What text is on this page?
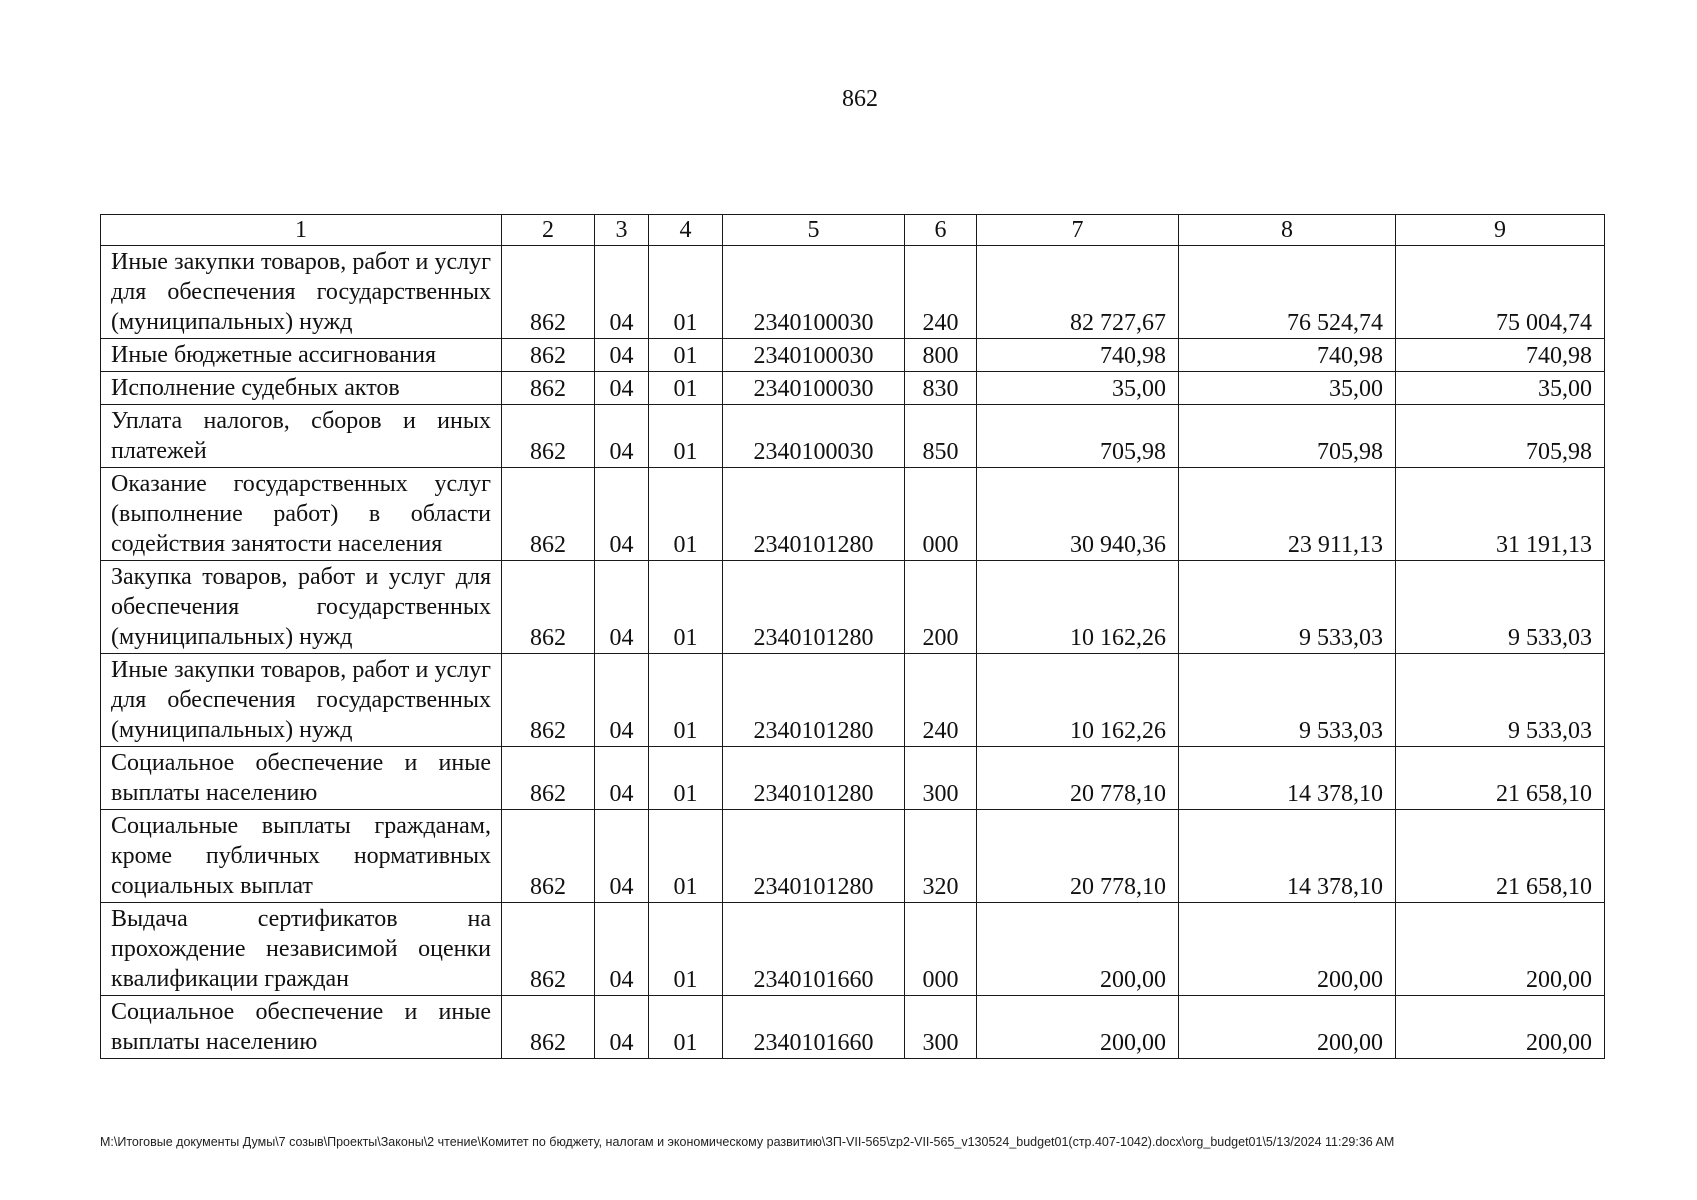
862
1	2	3	4	5	6	7	8	9
Иные закупки товаров, работ и услуг для обеспечения государственных (муниципальных) нужд	862	04	01	2340100030	240	82 727,67	76 524,74	75 004,74
Иные бюджетные ассигнования	862	04	01	2340100030	800	740,98	740,98	740,98
Исполнение судебных актов	862	04	01	2340100030	830	35,00	35,00	35,00
Уплата налогов, сборов и иных платежей	862	04	01	2340100030	850	705,98	705,98	705,98
Оказание государственных услуг (выполнение работ) в области содействия занятости населения	862	04	01	2340101280	000	30 940,36	23 911,13	31 191,13
Закупка товаров, работ и услуг для обеспечения государственных (муниципальных) нужд	862	04	01	2340101280	200	10 162,26	9 533,03	9 533,03
Иные закупки товаров, работ и услуг для обеспечения государственных (муниципальных) нужд	862	04	01	2340101280	240	10 162,26	9 533,03	9 533,03
Социальное обеспечение и иные выплаты населению	862	04	01	2340101280	300	20 778,10	14 378,10	21 658,10
Социальные выплаты гражданам, кроме публичных нормативных социальных выплат	862	04	01	2340101280	320	20 778,10	14 378,10	21 658,10
Выдача сертификатов на прохождение независимой оценки квалификации граждан	862	04	01	2340101660	000	200,00	200,00	200,00
Социальное обеспечение и иные выплаты населению	862	04	01	2340101660	300	200,00	200,00	200,00
M:\Итоговые документы Думы\7 созыв\Проекты\Законы\2 чтение\Комитет по бюджету, налогам и экономическому развитию\ЗП-VII-565\zp2-VII-565_v130524_budget01(стр.407-1042).docx\org_budget01\5/13/2024 11:29:36 AM
